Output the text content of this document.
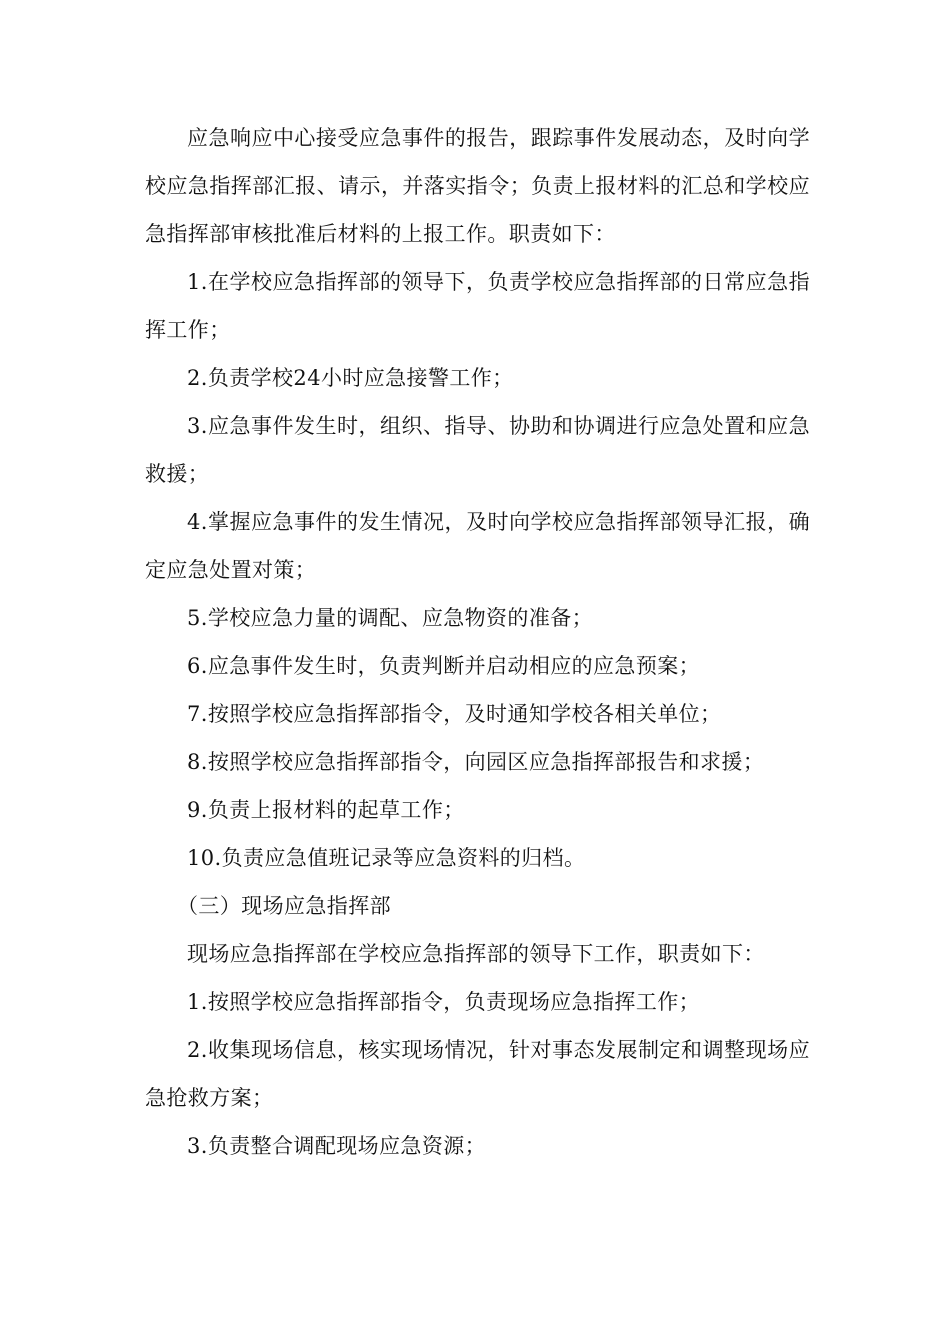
应急响应中心接受应急事件的报告，跟踪事件发展动态，及时向学校应急指挥部汇报、请示，并落实指令；负责上报材料的汇总和学校应急指挥部审核批准后材料的上报工作。职责如下：

1.在学校应急指挥部的领导下，负责学校应急指挥部的日常应急指挥工作；

2.负责学校24小时应急接警工作；

3.应急事件发生时，组织、指导、协助和协调进行应急处置和应急救援；

4.掌握应急事件的发生情况，及时向学校应急指挥部领导汇报，确定应急处置对策；

5.学校应急力量的调配、应急物资的准备；

6.应急事件发生时，负责判断并启动相应的应急预案；

7.按照学校应急指挥部指令，及时通知学校各相关单位；

8.按照学校应急指挥部指令，向园区应急指挥部报告和求援；

9.负责上报材料的起草工作；

10.负责应急值班记录等应急资料的归档。

（三）现场应急指挥部

现场应急指挥部在学校应急指挥部的领导下工作，职责如下：

1.按照学校应急指挥部指令，负责现场应急指挥工作；

2.收集现场信息，核实现场情况，针对事态发展制定和调整现场应急抢救方案；

3.负责整合调配现场应急资源；
